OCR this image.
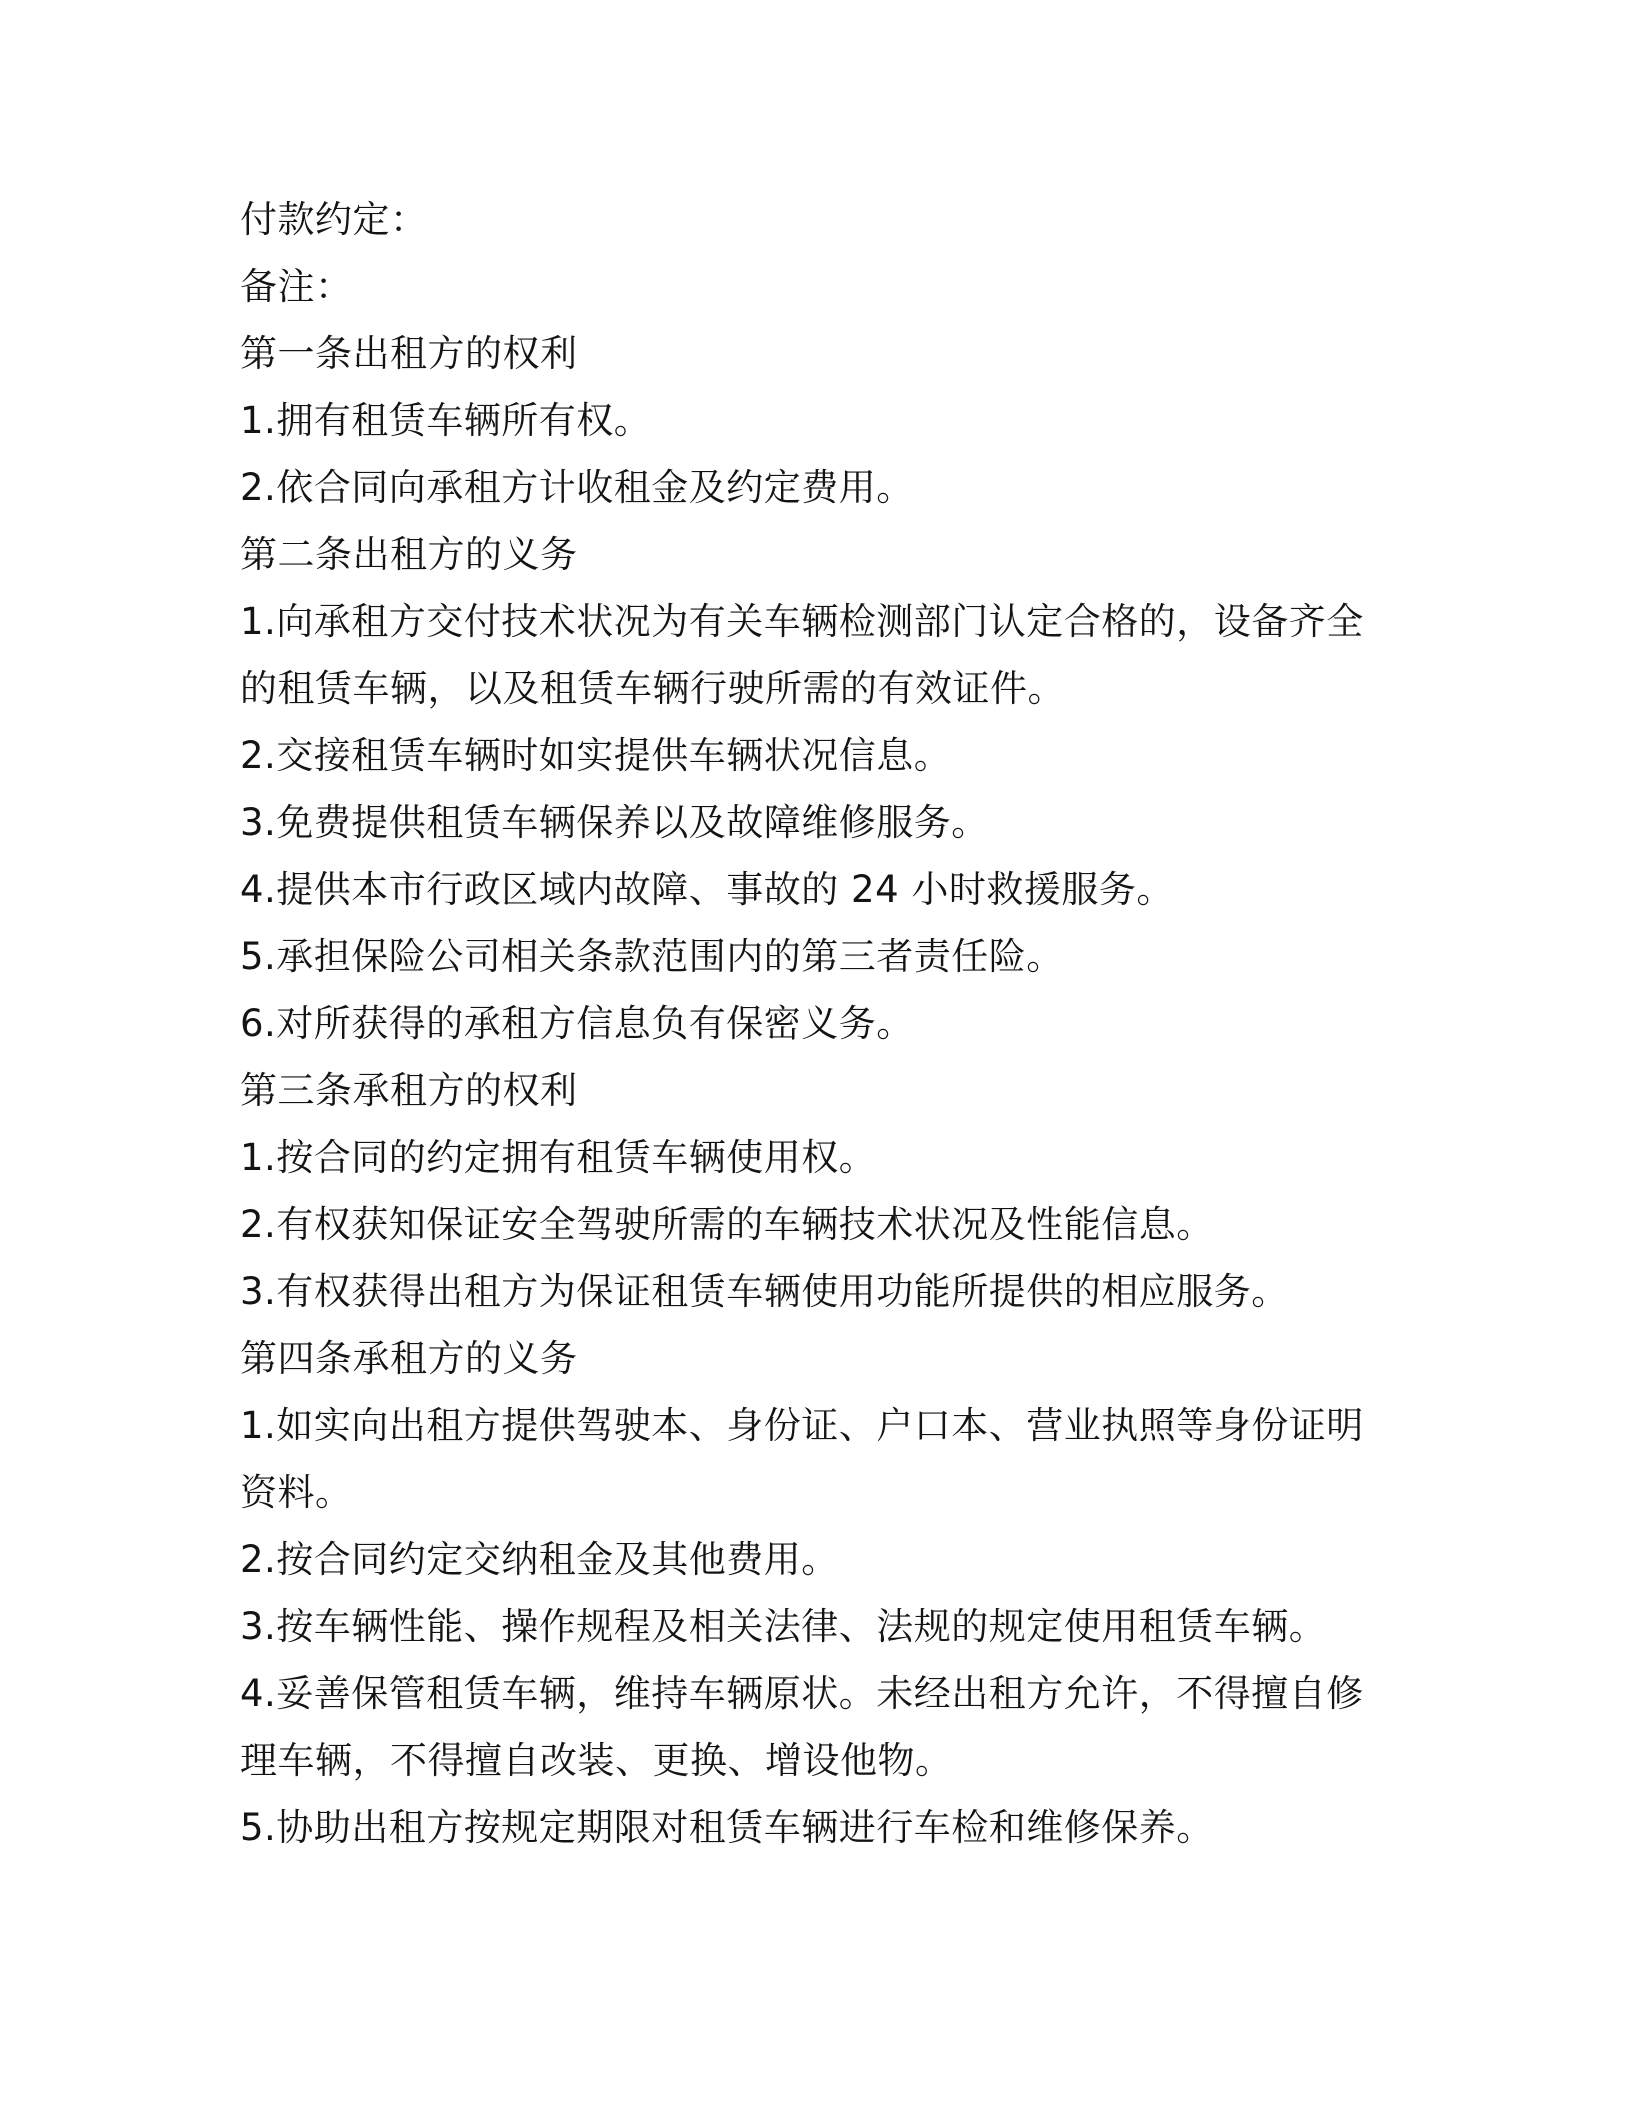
付款约定：
备注：
第一条出租方的权利
1.拥有租赁车辆所有权。
2.依合同向承租方计收租金及约定费用。
第二条出租方的义务
1.向承租方交付技术状况为有关车辆检测部门认定合格的，设备齐全
的租赁车辆，以及租赁车辆行驶所需的有效证件。
2.交接租赁车辆时如实提供车辆状况信息。
3.免费提供租赁车辆保养以及故障维修服务。
4.提供本市行政区域内故障、事故的 24 小时救援服务。
5.承担保险公司相关条款范围内的第三者责任险。
6.对所获得的承租方信息负有保密义务。
第三条承租方的权利
1.按合同的约定拥有租赁车辆使用权。
2.有权获知保证安全驾驶所需的车辆技术状况及性能信息。
3.有权获得出租方为保证租赁车辆使用功能所提供的相应服务。
第四条承租方的义务
1.如实向出租方提供驾驶本、身份证、户口本、营业执照等身份证明
资料。
2.按合同约定交纳租金及其他费用。
3.按车辆性能、操作规程及相关法律、法规的规定使用租赁车辆。
4.妥善保管租赁车辆，维持车辆原状。未经出租方允许，不得擅自修
理车辆，不得擅自改装、更换、增设他物。
5.协助出租方按规定期限对租赁车辆进行车检和维修保养。
